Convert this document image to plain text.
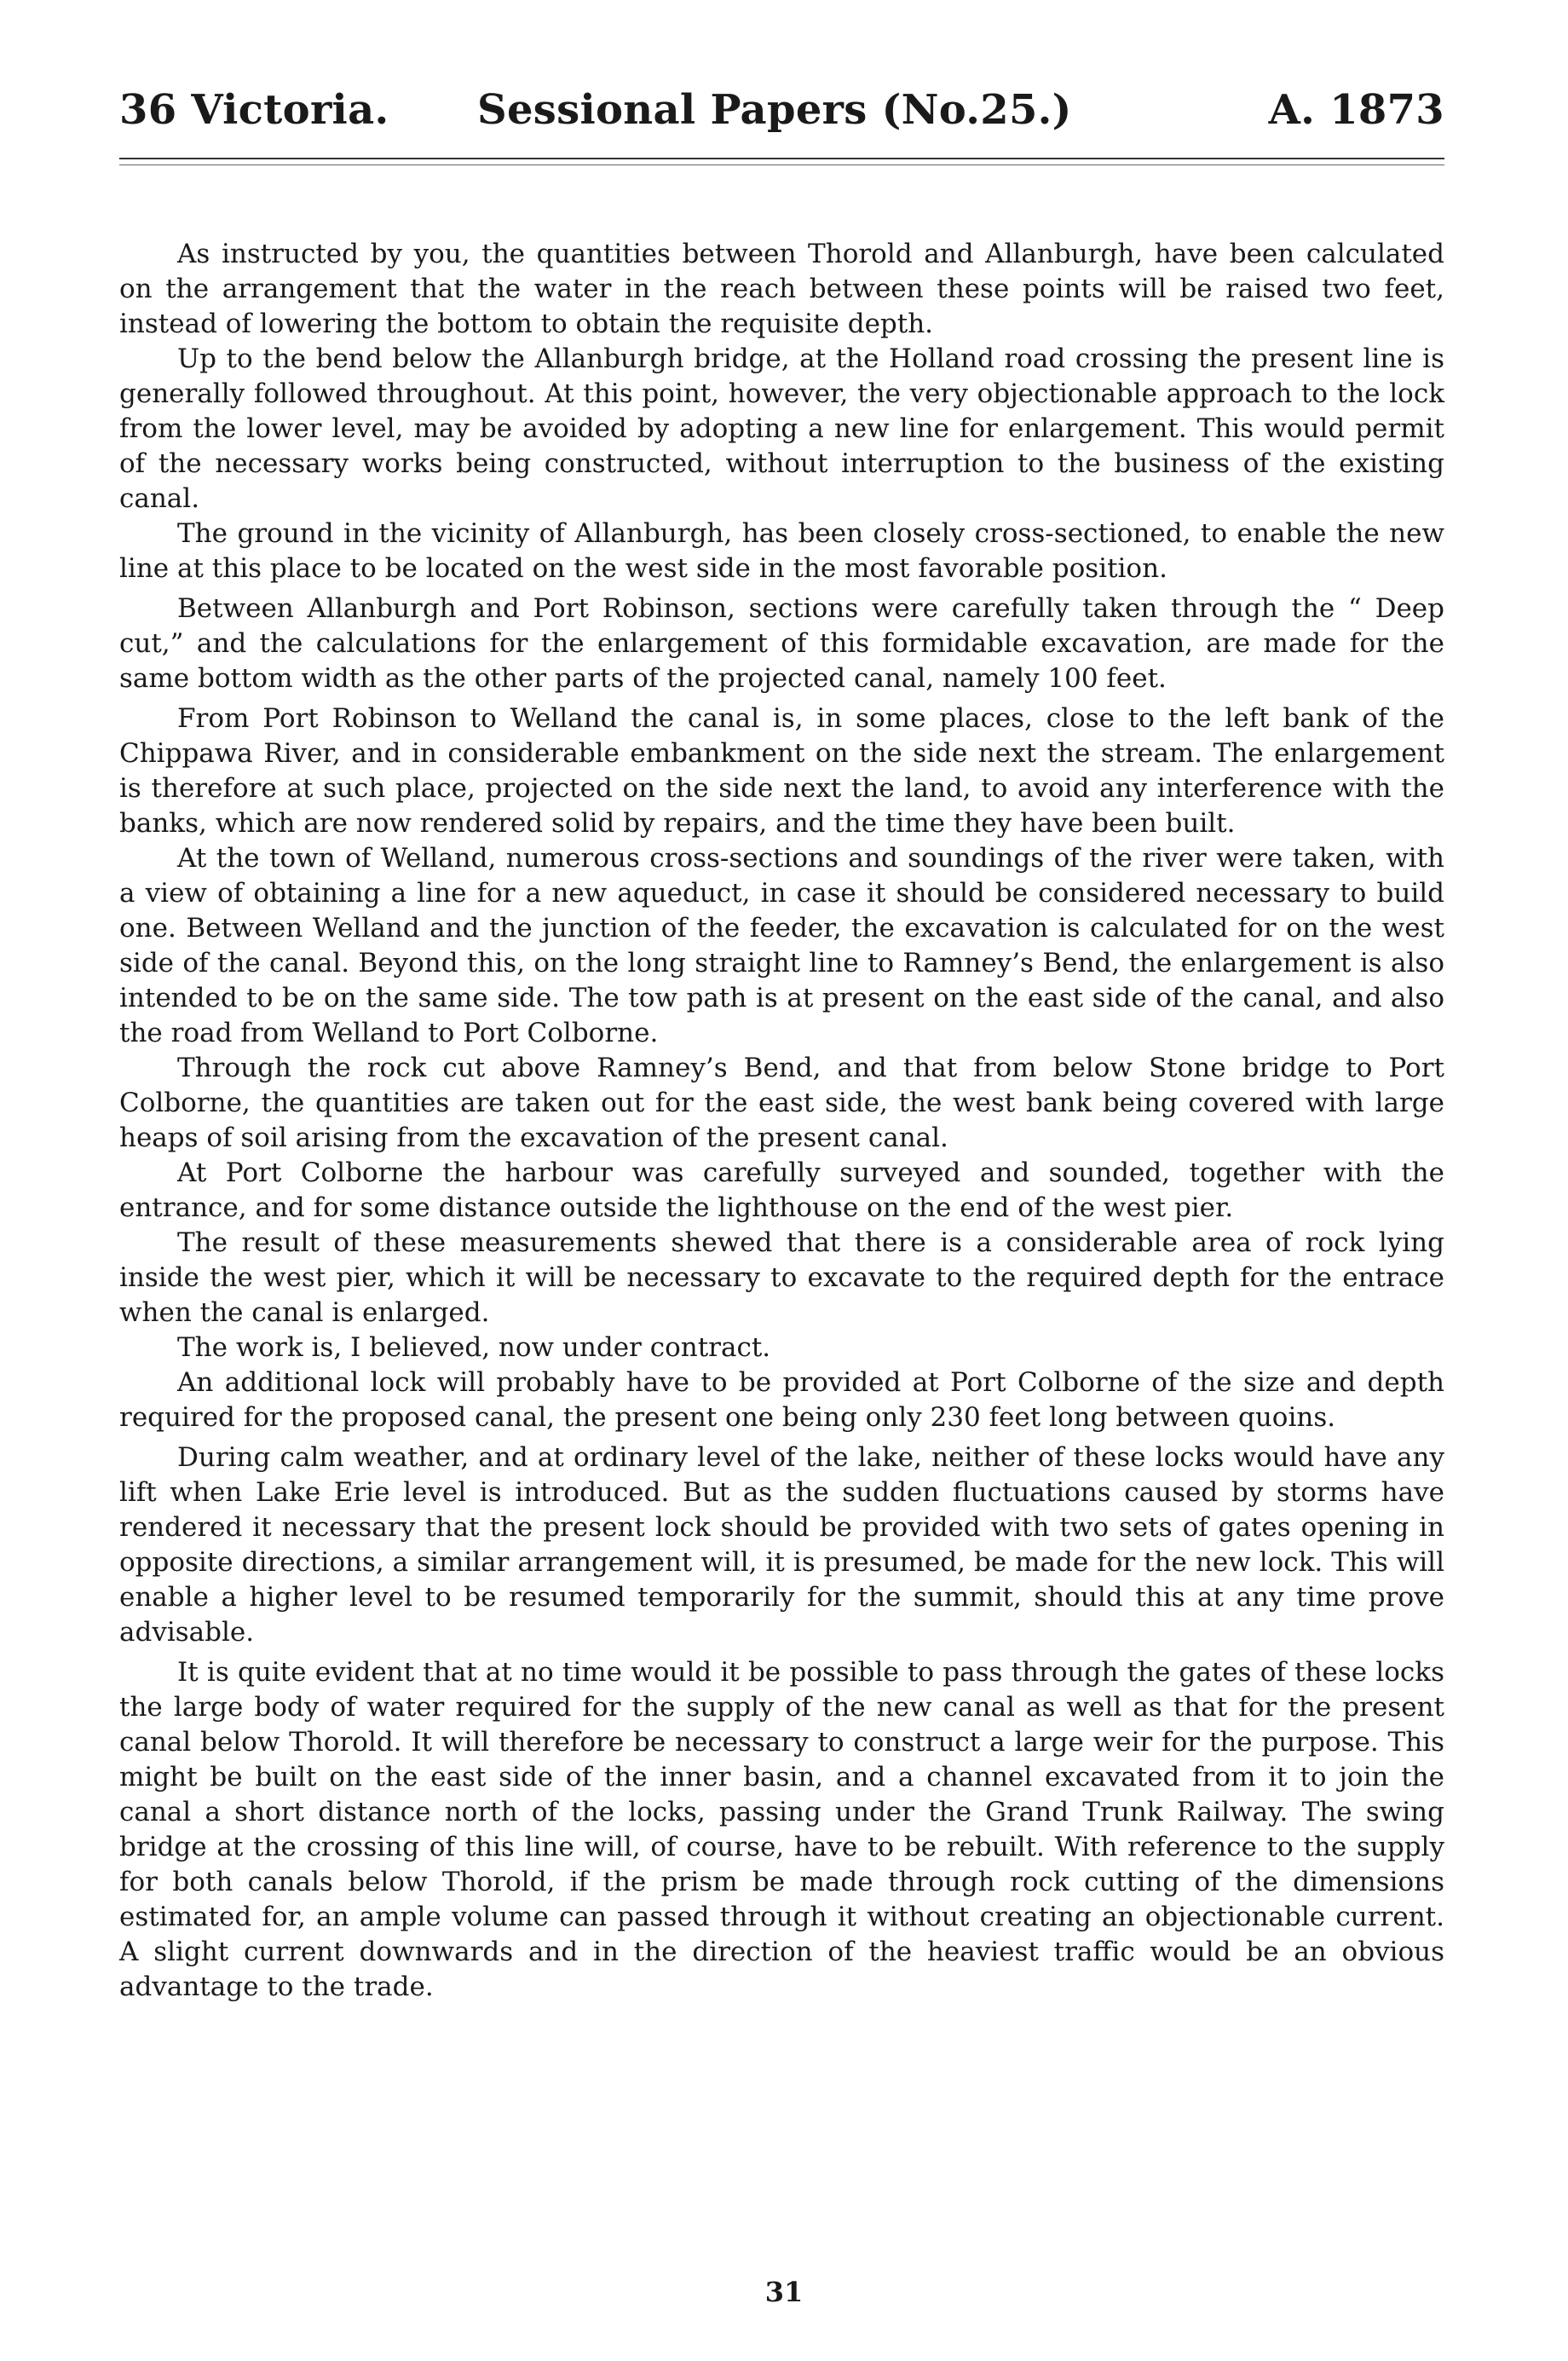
36 Victoria. Sessional Papers (No.25.)	A. 1873

As instructed by you, the quantities between Thorold and Allanburgh, have been calculated on the arrangement that the water in the reach between these points will be raised two feet, instead of lowering the bottom to obtain the requisite depth.

Up to the bend below the Allanburgh bridge, at the Holland road crossing the present line is generally followed throughout. At this point, however, the very objectionable approach to the lock from the lower level, may be avoided by adopting a new line for enlargement. This would permit of the necessary works being constructed, without interruption to the business of the existing canal.

The ground in the vicinity of Allanburgh, has been closely cross-sectioned, to enable the new line at this place to be located on the west side in the most favorable position.

Between Allanburgh and Port Robinson, sections were carefully taken through the “ Deep cut,” and the calculations for the enlargement of this formidable excavation, are made for the same bottom width as the other parts of the projected canal, namely 100 feet.

From Port Robinson to Welland the canal is, in some places, close to the left bank of the Chippawa River, and in considerable embankment on the side next the stream. The enlargement is therefore at such place, projected on the side next the land, to avoid any interference with the banks, which are now rendered solid by repairs, and the time they have been built.

At the town of Welland, numerous cross-sections and soundings of the river were taken, with a view of obtaining a line for a new aqueduct, in case it should be considered necessary to build one. Between Welland and the junction of the feeder, the excavation is calculated for on the west side of the canal. Beyond this, on the long straight line to Ramney’s Bend, the enlargement is also intended to be on the same side. The tow path is at present on the east side of the canal, and also the road from Welland to Port Colborne.

Through the rock cut above Ramney’s Bend, and that from below Stone bridge to Port Colborne, the quantities are taken out for the east side, the west bank being covered with large heaps of soil arising from the excavation of the present canal.

At Port Colborne the harbour was carefully surveyed and sounded, together with the entrance, and for some distance outside the lighthouse on the end of the west pier.

The result of these measurements shewed that there is a considerable area of rock lying inside the west pier, which it will be necessary to excavate to the required depth for the entrace when the canal is enlarged.

The work is, I believed, now under contract.

An additional lock will probably have to be provided at Port Colborne of the size and depth required for the proposed canal, the present one being only 230 feet long between quoins.

During calm weather, and at ordinary level of the lake, neither of these locks would have any lift when Lake Erie level is introduced. But as the sudden fluctuations caused by storms have rendered it necessary that the present lock should be provided with two sets of gates opening in opposite directions, a similar arrangement will, it is presumed, be made for the new lock. This will enable a higher level to be resumed temporarily for the summit, should this at any time prove advisable.

It is quite evident that at no time would it be possible to pass through the gates of these locks the large body of water required for the supply of the new canal as well as that for the present canal below Thorold. It will therefore be necessary to construct a large weir for the purpose. This might be built on the east side of the inner basin, and a channel excavated from it to join the canal a short distance north of the locks, passing under the Grand Trunk Railway. The swing bridge at the crossing of this line will, of course, have to be rebuilt. With reference to the supply for both canals below Thorold, if the prism be made through rock cutting of the dimensions estimated for, an ample volume can passed through it without creating an objectionable current. A slight current downwards and in the direction of the heaviest traffic would be an obvious advantage to the trade.

31
